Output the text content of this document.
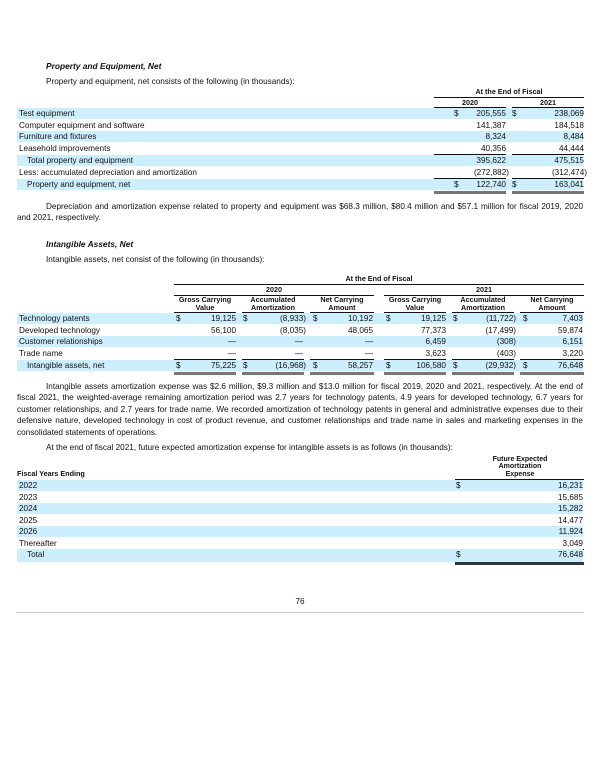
Property and Equipment, Net
Property and equipment, net consists of the following (in thousands):
At the End of Fiscal
2020	2021
Test equipment	$	205,555 $	238,069
Computer equipment and software	141,387	184,518
Furniture and fixtures	8,324	8,484
Leasehold improvements	40,356	44,444
Total property and equipment	395,622	475,515
Less: accumulated depreciation and amortization	(272,882)	(312,474)
Property and equipment, net	$	122,740 $	163,041
Depreciation and amortization expense related to property and equipment was $68.3 million, $80.4 million and $57.1 million for fiscal 2019, 2020 and 2021, respectively.
Intangible Assets, Net
Intangible assets, net consist of the following (in thousands):
At the End of Fiscal
2020	2021
Gross Carrying
Value
Accumulated
Amortization
Net Carrying
Amount
Gross Carrying
Value
Accumulated
Amortization
Net Carrying
Amount
Technology patents	$	19,125 $	(8,933) $	10,192 $	19,125 $	(11,722) $	7,403
Developed technology	56,100	(8,035)	48,065	77,373	(17,499)	59,874
Customer relationships	—	—	—	6,459	(308)	6,151
Trade name	—	—	—	3,623	(403)	3,220
Intangible assets, net	$	75,225 $	(16,968) $	58,257 $	106,580 $	(29,932) $	76,648
Intangible assets amortization expense was $2.6 million, $9.3 million and $13.0 million for fiscal 2019, 2020 and 2021, respectively. At the end of fiscal 2021, the weighted-average remaining amortization period was 2.7 years for technology patents, 4.9 years for developed technology, 6.7 years for customer relationships, and 2.7 years for trade name. We recorded amortization of technology patents in general and administrative expenses due to their defensive nature, developed technology in cost of product revenue, and customer relationships and trade name in sales and marketing expenses in the consolidated statements of operations.
At the end of fiscal 2021, future expected amortization expense for intangible assets is as follows (in thousands):
Future Expected
Amortization
Expense
Fiscal Years Ending
2022	$	16,231
2023	15,685
2024	15,282
2025	14,477
2026	11,924
Thereafter	3,049
Total	$	76,648
76
